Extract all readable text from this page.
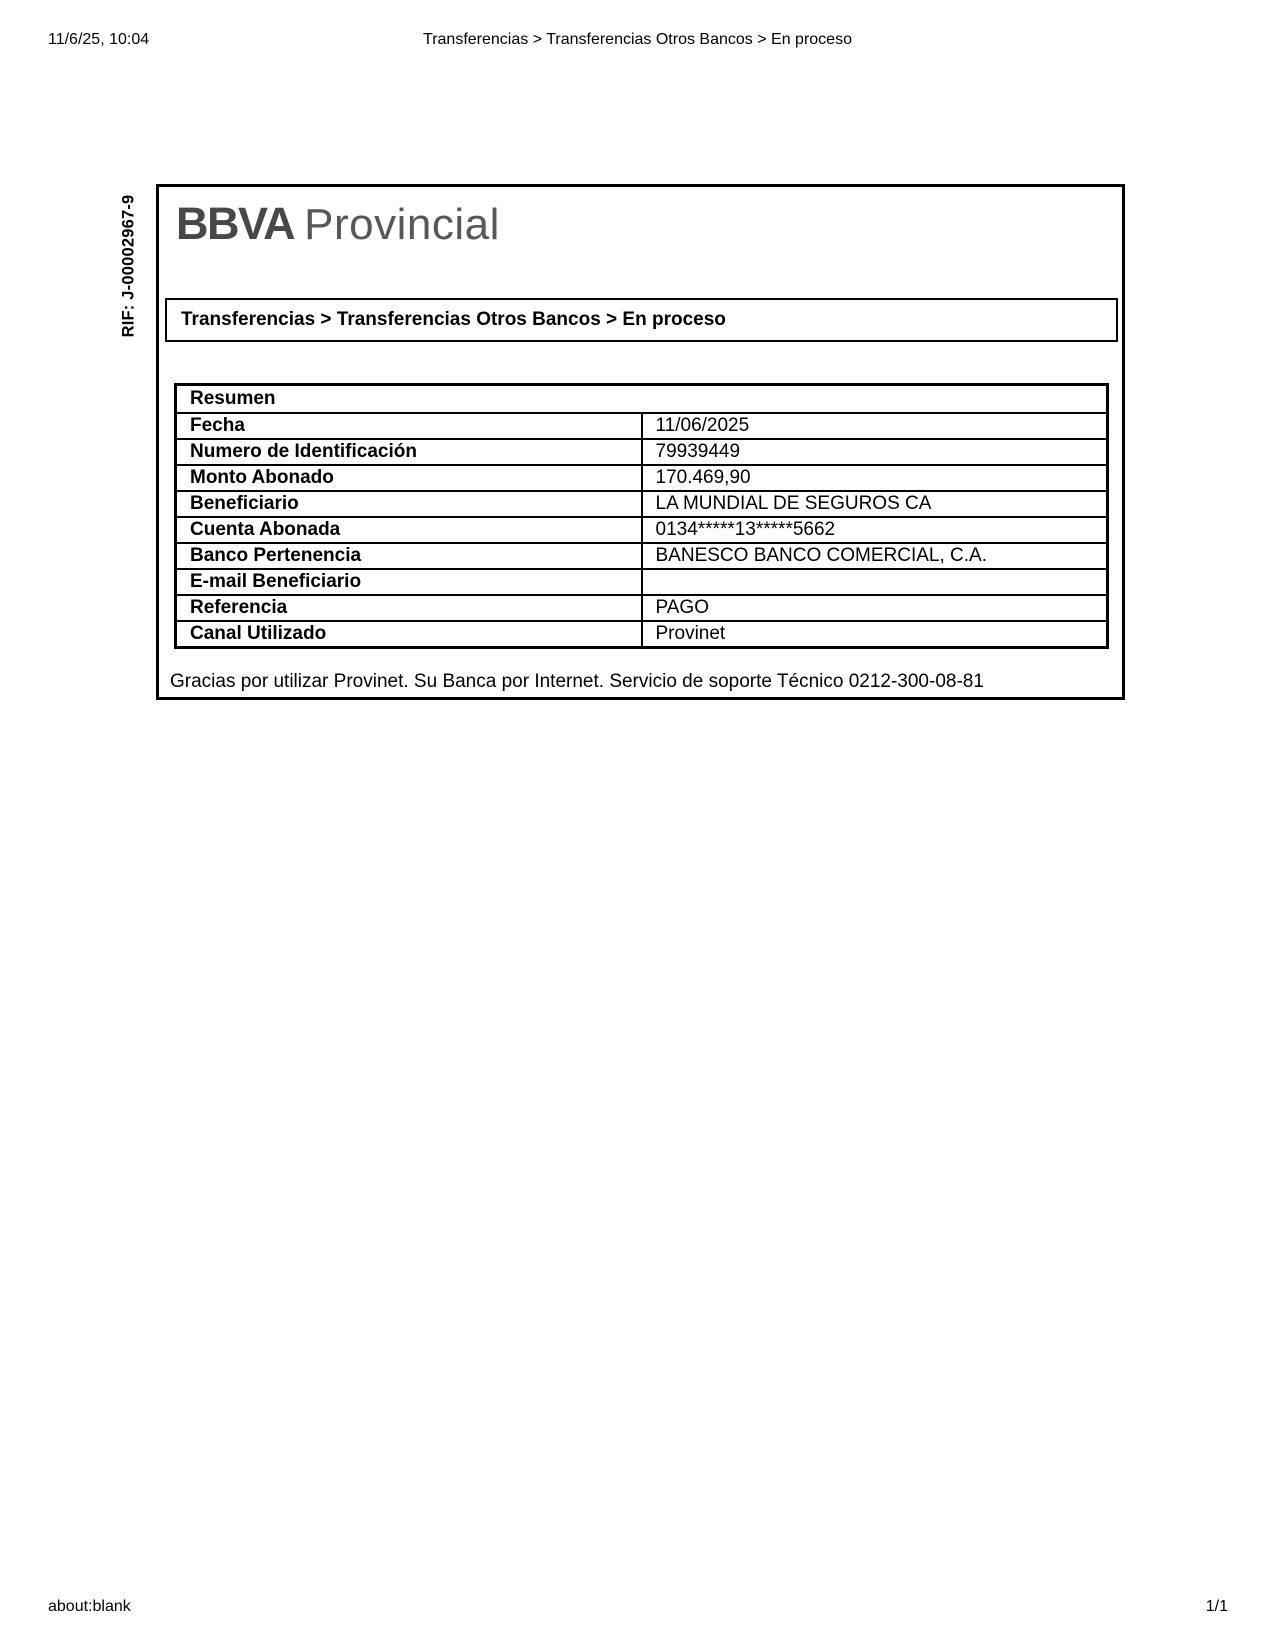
11/6/25, 10:04	Transferencias > Transferencias Otros Bancos > En proceso
RIF: J-00002967-9 BBVA Provincial
Transferencias > Transferencias Otros Bancos > En proceso
Resumen	
Fecha	11/06/2025
Numero de Identificación	79939449
Monto Abonado	170.469,90
Beneficiario	LA MUNDIAL DE SEGUROS CA
Cuenta Abonada	0134*****13*****5662
Banco Pertenencia	BANESCO BANCO COMERCIAL, C.A.
E-mail Beneficiario	
Referencia	PAGO
Canal Utilizado	Provinet
Gracias por utilizar Provinet. Su Banca por Internet. Servicio de soporte Técnico 0212-300-08-81
about:blank	1/1
